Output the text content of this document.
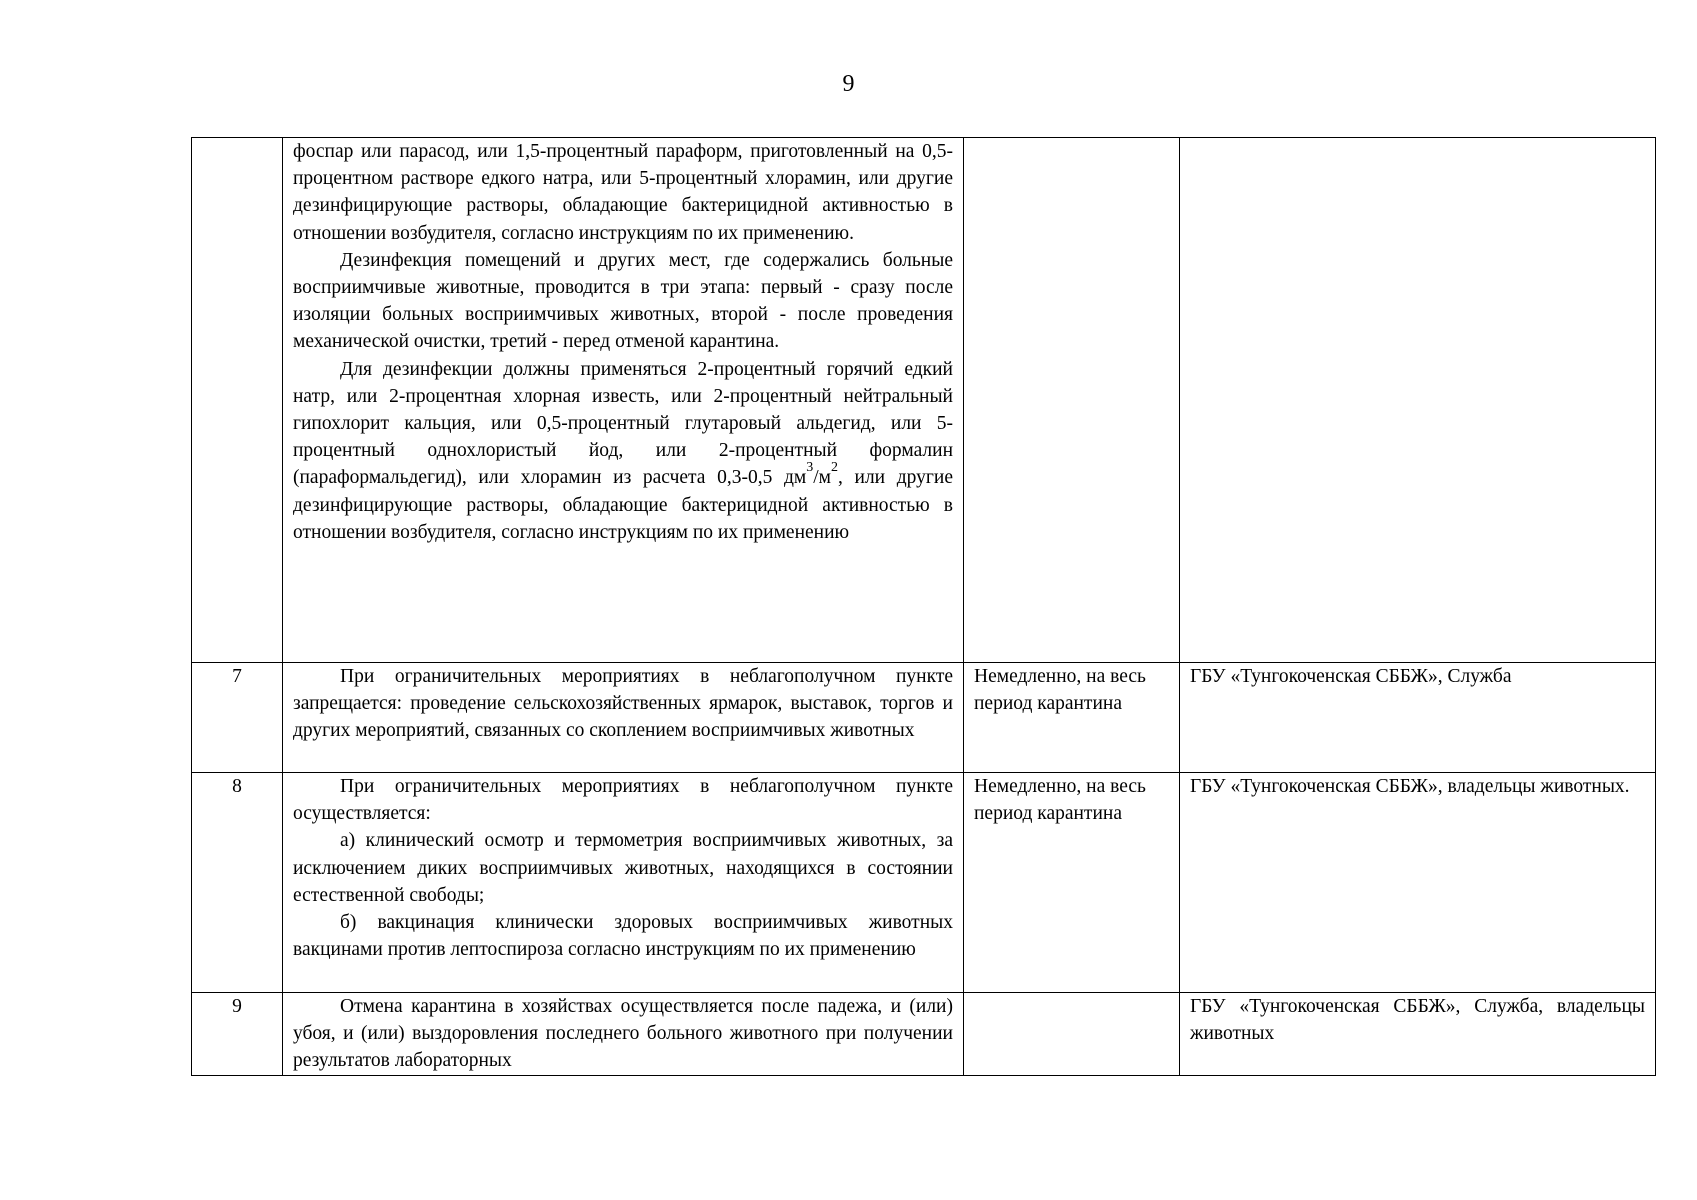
9

	фоспар или парасод, или 1,5-процентный параформ, приготовленный на 0,5-процентном растворе едкого натра, или 5-процентный хлорамин, или другие дезинфицирующие растворы, обладающие бактерицидной активностью в отношении возбудителя, согласно инструкциям по их применению.

Дезинфекция помещений и других мест, где содержались больные восприимчивые животные, проводится в три этапа: первый - сразу после изоляции больных восприимчивых животных, второй - после проведения механической очистки, третий - перед отменой карантина.

Для дезинфекции должны применяться 2-процентный горячий едкий натр, или 2-процентная хлорная известь, или 2-процентный нейтральный гипохлорит кальция, или 0,5-процентный глутаровый альдегид, или 5-процентный однохлористый йод, или 2-процентный формалин (параформальдегид), или хлорамин из расчета 0,3-0,5 $дм^3/м^2$, или другие дезинфицирующие растворы, обладающие бактерицидной активностью в отношении возбудителя, согласно инструкциям по их применению		

7	При ограничительных мероприятиях в неблагополучном пункте запрещается: проведение сельскохозяйственных ярмарок, выставок, торгов и других мероприятий, связанных со скоплением восприимчивых животных	Немедленно, на весь период карантина	ГБУ «Тунгокоченская СББЖ», Служба

8	При ограничительных мероприятиях в неблагополучном пункте осуществляется:

а) клинический осмотр и термометрия восприимчивых животных, за исключением диких восприимчивых животных, находящихся в состоянии естественной свободы;

б) вакцинация клинически здоровых восприимчивых животных вакцинами против лептоспироза согласно инструкциям по их применению	Немедленно, на весь период карантина	ГБУ «Тунгокоченская СББЖ», владельцы животных.

9	Отмена карантина в хозяйствах осуществляется после падежа, и (или) убоя, и (или) выздоровления последнего больного животного при получении результатов лабораторных		ГБУ «Тунгокоченская СББЖ», Служба, владельцы животных
